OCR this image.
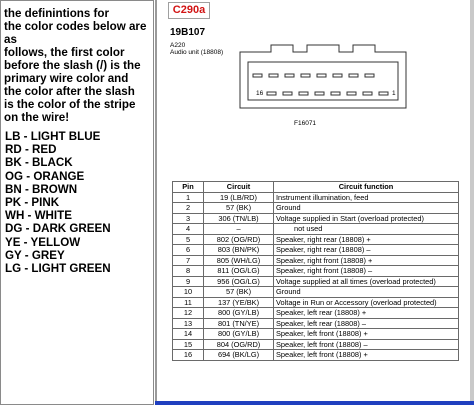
the definintions for
the color codes below are as
follows, the first color
before the slash (/) is the
primary wire color and
the color after the slash
is the color of the stripe
on the wire!
LB - LIGHT BLUE
RD - RED
BK - BLACK
OG - ORANGE
BN - BROWN
PK - PINK
WH - WHITE
DG - DARK GREEN
YE - YELLOW
GY - GREY
LG - LIGHT GREEN
C290a
19B107
A220
Audio unit (18808)
16	1
F16071
Pin	Circuit	Circuit function
1	19 (LB/RD)	Instrument illumination, feed
2	57 (BK)	Ground
3	306 (TN/LB)	Voltage supplied in Start (overload protected)
4	–	not used
5	802 (OG/RD)	Speaker, right rear (18808) +
6	803 (BN/PK)	Speaker, right rear (18808) –
7	805 (WH/LG)	Speaker, right front (18808) +
8	811 (OG/LG)	Speaker, right front (18808) –
9	956 (OG/LG)	Voltage supplied at all times (overload protected)
10	57 (BK)	Ground
11	137 (YE/BK)	Voltage in Run or Accessory (overload protected)
12	800 (GY/LB)	Speaker, left rear (18808) +
13	801 (TN/YE)	Speaker, left rear (18808) –
14	800 (GY/LB)	Speaker, left front (18808) +
15	804 (OG/RD)	Speaker, left front (18808) –
16	694 (BK/LG)	Speaker, left front (18808) +
